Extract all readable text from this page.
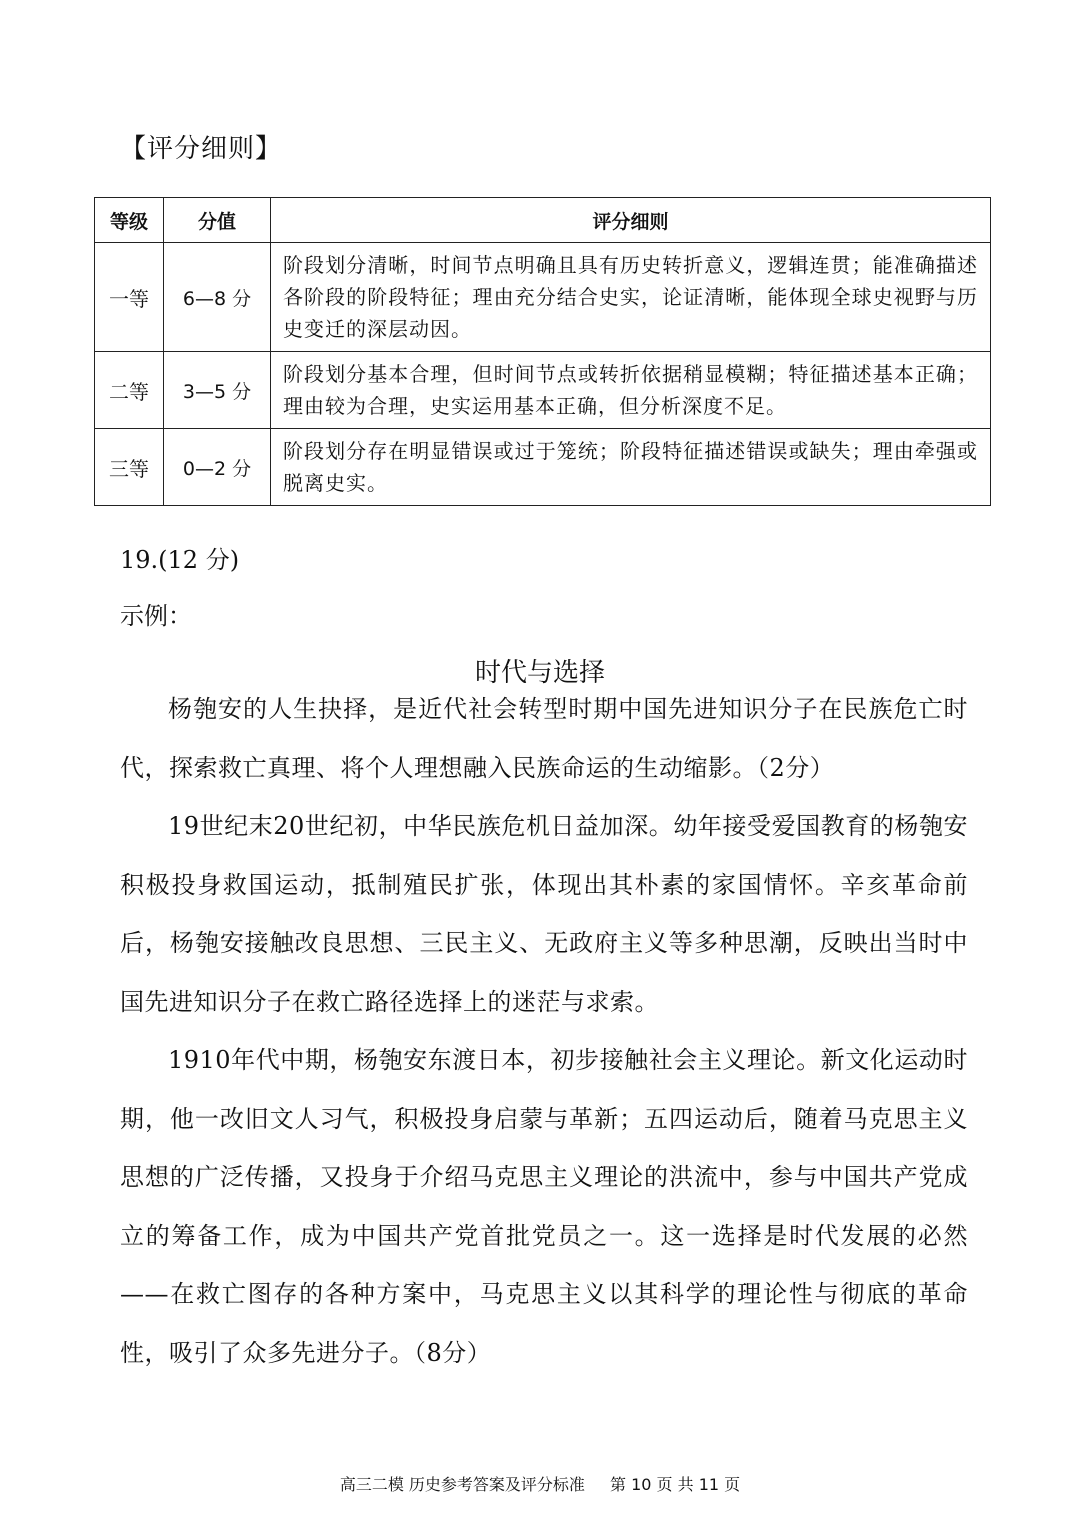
【评分细则】
等级	分值	评分细则
一等	6—8 分	阶段划分清晰，时间节点明确且具有历史转折意义，逻辑连贯；能准确描述各阶段的阶段特征；理由充分结合史实，论证清晰，能体现全球史视野与历史变迁的深层动因。
二等	3—5 分	阶段划分基本合理，但时间节点或转折依据稍显模糊；特征描述基本正确；理由较为合理，史实运用基本正确，但分析深度不足。
三等	0—2 分	阶段划分存在明显错误或过于笼统；阶段特征描述错误或缺失；理由牵强或脱离史实。
19.(12 分)
示例：
时代与选择

杨匏安的人生抉择，是近代社会转型时期中国先进知识分子在民族危亡时代，探索救亡真理、将个人理想融入民族命运的生动缩影。（2分）

19世纪末20世纪初，中华民族危机日益加深。幼年接受爱国教育的杨匏安积极投身救国运动，抵制殖民扩张，体现出其朴素的家国情怀。辛亥革命前后，杨匏安接触改良思想、三民主义、无政府主义等多种思潮，反映出当时中国先进知识分子在救亡路径选择上的迷茫与求索。

1910年代中期，杨匏安东渡日本，初步接触社会主义理论。新文化运动时期，他一改旧文人习气，积极投身启蒙与革新；五四运动后，随着马克思主义思想的广泛传播，又投身于介绍马克思主义理论的洪流中，参与中国共产党成立的筹备工作，成为中国共产党首批党员之一。这一选择是时代发展的必然——在救亡图存的各种方案中，马克思主义以其科学的理论性与彻底的革命性，吸引了众多先进分子。（8分）

高三二模 历史参考答案及评分标准 第 10 页 共 11 页
